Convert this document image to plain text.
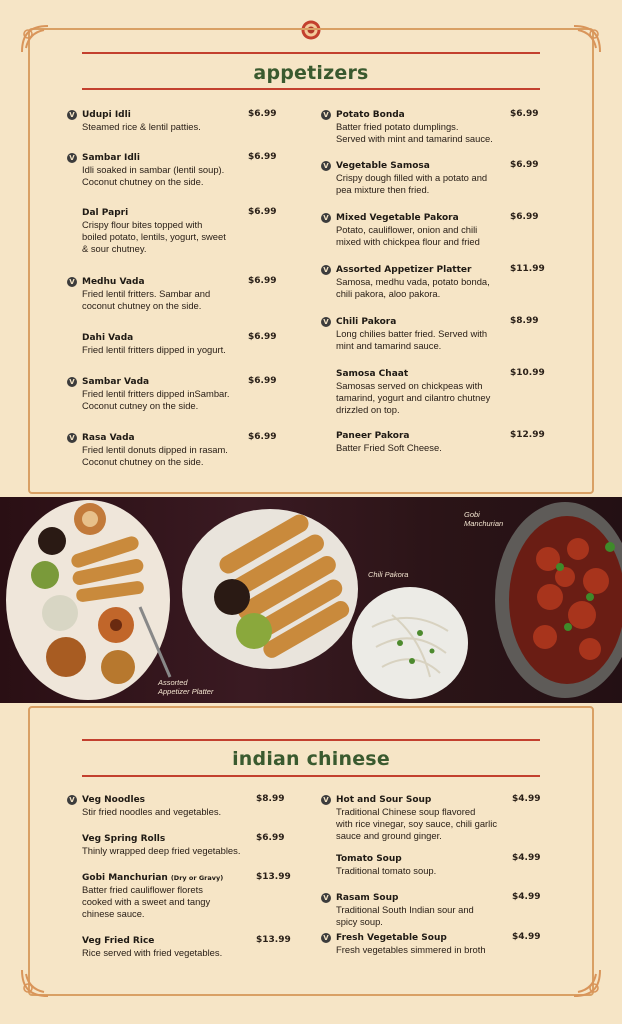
appetizers
V Udupi Idli	$6.99
Steamed rice & lentil patties.
V Sambar Idli	$6.99
Idli soaked in sambar (lentil soup).
Coconut chutney on the side.
Dal Papri	$6.99
Crispy flour bites topped with
boiled potato, lentils, yogurt, sweet
& sour chutney.
V Medhu Vada	$6.99
Fried lentil fritters. Sambar and
coconut chutney on the side.
Dahi Vada	$6.99
Fried lentil fritters dipped in yogurt.
V Sambar Vada	$6.99
Fried lentil fritters dipped inSambar.
Coconut cutney on the side.
V Rasa Vada	$6.99
Fried lentil donuts dipped in rasam.
Coconut chutney on the side.
V Potato Bonda	$6.99
Batter fried potato dumplings.
Served with mint and tamarind sauce.
V Vegetable Samosa	$6.99
Crispy dough filled with a potato and
pea mixture then fried.
V Mixed Vegetable Pakora	$6.99
Potato, cauliflower, onion and chili
mixed with chickpea flour and fried
V Assorted Appetizer Platter	$11.99
Samosa, medhu vada, potato bonda,
chili pakora, aloo pakora.
V Chili Pakora	$8.99
Long chilies batter fried. Served with
mint and tamarind sauce.
Samosa Chaat	$10.99
Samosas served on chickpeas with
tamarind, yogurt and cilantro chutney
drizzled on top.
Paneer Pakora	$12.99
Batter Fried Soft Cheese.
Assorted
Appetizer Platter
Chili Pakora
Gobi
Manchurian
indian chinese
V Veg Noodles	$8.99
Stir fried noodles and vegetables.
Veg Spring Rolls	$6.99
Thinly wrapped deep fried vegetables.
Gobi Manchurian (Dry or Gravy)	$13.99
Batter fried cauliflower florets
cooked with a sweet and tangy
chinese sauce.
Veg Fried Rice	$13.99
Rice served with fried vegetables.
V Hot and Sour Soup	$4.99
Traditional Chinese soup flavored
with rice vinegar, soy sauce, chili garlic
sauce and ground ginger.
Tomato Soup	$4.99
Traditional tomato soup.
V Rasam Soup	$4.99
Traditional South Indian sour and
spicy soup.
V Fresh Vegetable Soup	$4.99
Fresh vegetables simmered in broth
